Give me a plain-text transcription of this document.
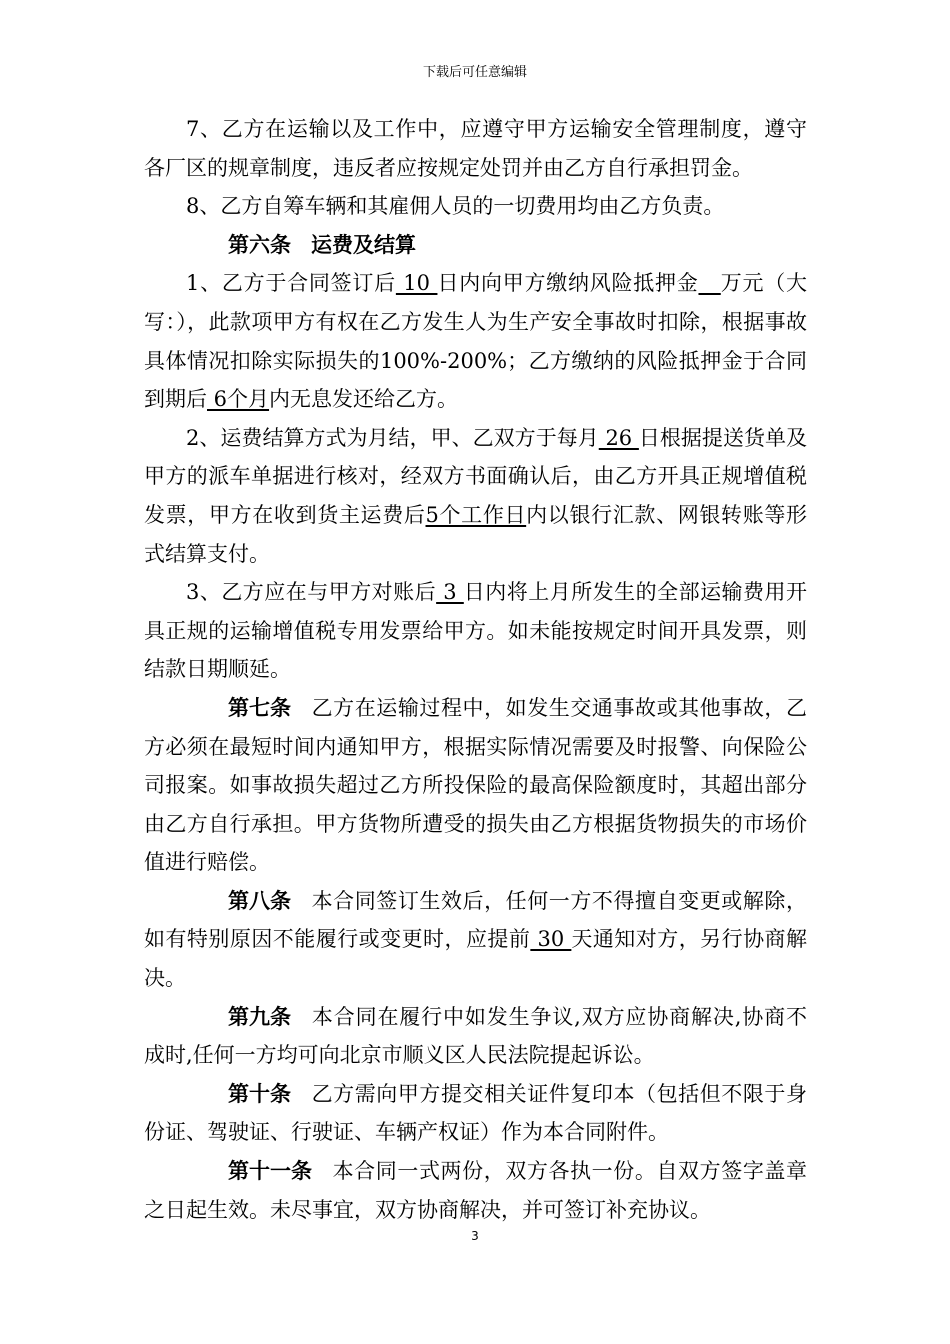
下载后可任意编辑

7、乙方在运输以及工作中，应遵守甲方运输安全管理制度，遵守各厂区的规章制度，违反者应按规定处罚并由乙方自行承担罚金。

8、乙方自筹车辆和其雇佣人员的一切费用均由乙方负责。

第六条 运费及结算

1、乙方于合同签订后 10 日内向甲方缴纳风险抵押金 万元（大写：），此款项甲方有权在乙方发生人为生产安全事故时扣除，根据事故具体情况扣除实际损失的100%-200%；乙方缴纳的风险抵押金于合同到期后 6个月内无息发还给乙方。

2、运费结算方式为月结，甲、乙双方于每月 26 日根据提送货单及甲方的派车单据进行核对，经双方书面确认后，由乙方开具正规增值税发票，甲方在收到货主运费后5个工作日内以银行汇款、网银转账等形式结算支付。

3、乙方应在与甲方对账后 3 日内将上月所发生的全部运输费用开具正规的运输增值税专用发票给甲方。如未能按规定时间开具发票，则结款日期顺延。

第七条 乙方在运输过程中，如发生交通事故或其他事故，乙方必须在最短时间内通知甲方，根据实际情况需要及时报警、向保险公司报案。如事故损失超过乙方所投保险的最高保险额度时，其超出部分由乙方自行承担。甲方货物所遭受的损失由乙方根据货物损失的市场价值进行赔偿。

第八条 本合同签订生效后，任何一方不得擅自变更或解除，如有特别原因不能履行或变更时，应提前 30 天通知对方，另行协商解决。

第九条 本合同在履行中如发生争议,双方应协商解决,协商不成时,任何一方均可向北京市顺义区人民法院提起诉讼。

第十条 乙方需向甲方提交相关证件复印本（包括但不限于身份证、驾驶证、行驶证、车辆产权证）作为本合同附件。

第十一条 本合同一式两份，双方各执一份。自双方签字盖章之日起生效。未尽事宜，双方协商解决，并可签订补充协议。

3
